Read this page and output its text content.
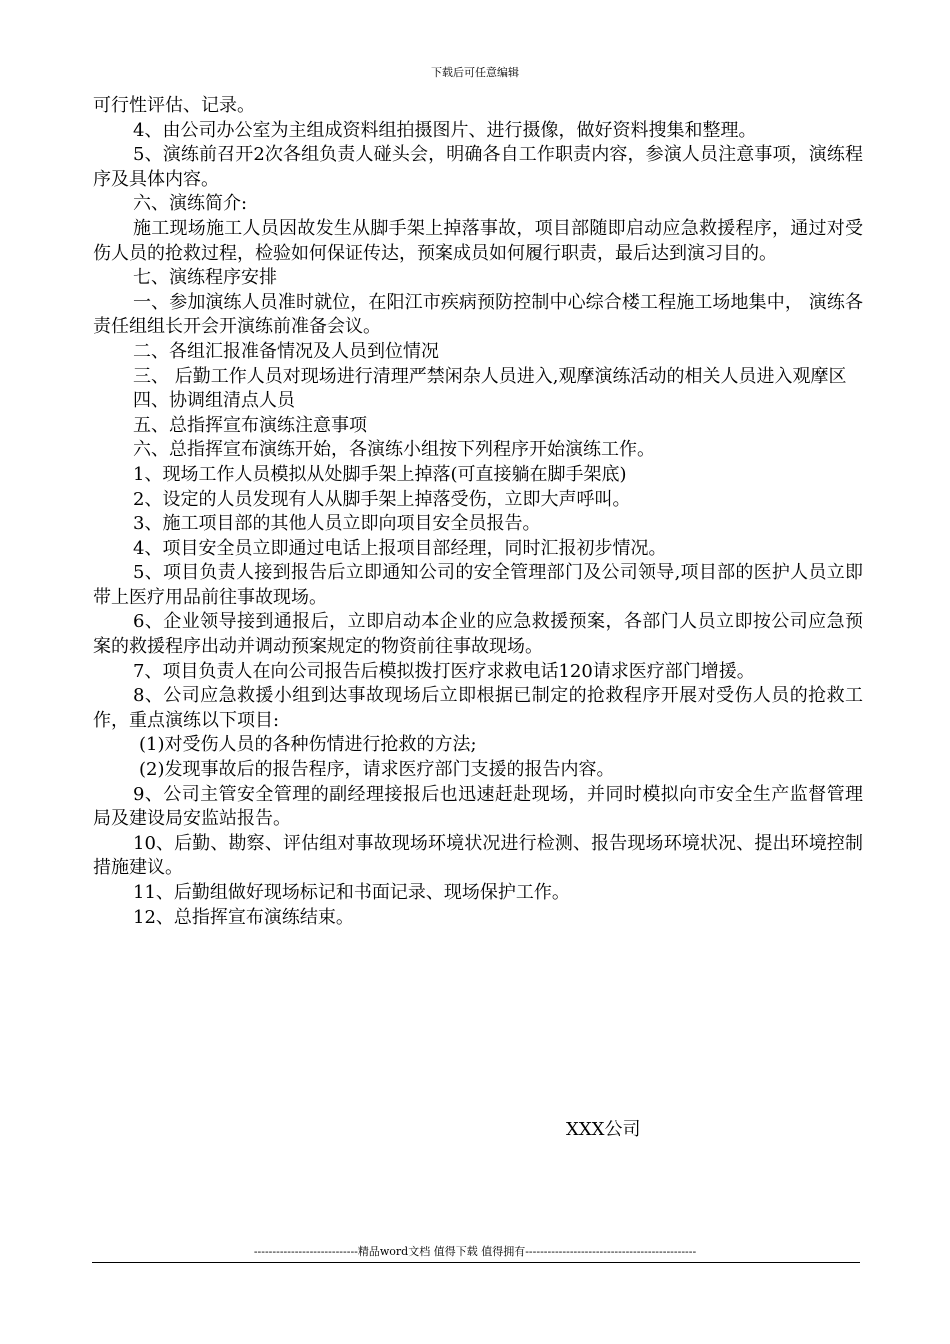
下载后可任意编辑

可行性评估、记录。

4、由公司办公室为主组成资料组拍摄图片、进行摄像，做好资料搜集和整理。

5、演练前召开2次各组负责人碰头会，明确各自工作职责内容，参演人员注意事项，演练程序及具体内容。

六、演练简介:

施工现场施工人员因故发生从脚手架上掉落事故，项目部随即启动应急救援程序，通过对受伤人员的抢救过程，检验如何保证传达，预案成员如何履行职责，最后达到演习目的。

七、演练程序安排

一、参加演练人员准时就位，在阳江市疾病预防控制中心综合楼工程施工场地集中， 演练各责任组组长开会开演练前准备会议。

二、各组汇报准备情况及人员到位情况

三、 后勤工作人员对现场进行清理严禁闲杂人员进入,观摩演练活动的相关人员进入观摩区

四、协调组清点人员

五、总指挥宣布演练注意事项

六、总指挥宣布演练开始，各演练小组按下列程序开始演练工作。

1、现场工作人员模拟从处脚手架上掉落(可直接躺在脚手架底)

2、设定的人员发现有人从脚手架上掉落受伤，立即大声呼叫。

3、施工项目部的其他人员立即向项目安全员报告。

4、项目安全员立即通过电话上报项目部经理，同时汇报初步情况。

5、项目负责人接到报告后立即通知公司的安全管理部门及公司领导,项目部的医护人员立即带上医疗用品前往事故现场。

6、企业领导接到通报后，立即启动本企业的应急救援预案，各部门人员立即按公司应急预案的救援程序出动并调动预案规定的物资前往事故现场。

7、项目负责人在向公司报告后模拟拨打医疗求救电话120请求医疗部门增援。

8、公司应急救援小组到达事故现场后立即根据已制定的抢救程序开展对受伤人员的抢救工作，重点演练以下项目:

(1)对受伤人员的各种伤情进行抢救的方法;

(2)发现事故后的报告程序，请求医疗部门支援的报告内容。

9、公司主管安全管理的副经理接报后也迅速赶赴现场，并同时模拟向市安全生产监督管理局及建设局安监站报告。

10、后勤、勘察、评估组对事故现场环境状况进行检测、报告现场环境状况、提出环境控制措施建议。

11、后勤组做好现场标记和书面记录、现场保护工作。

12、总指挥宣布演练结束。

XXX公司
----------------------------精品word文档 值得下载 值得拥有----------------------------------------------
